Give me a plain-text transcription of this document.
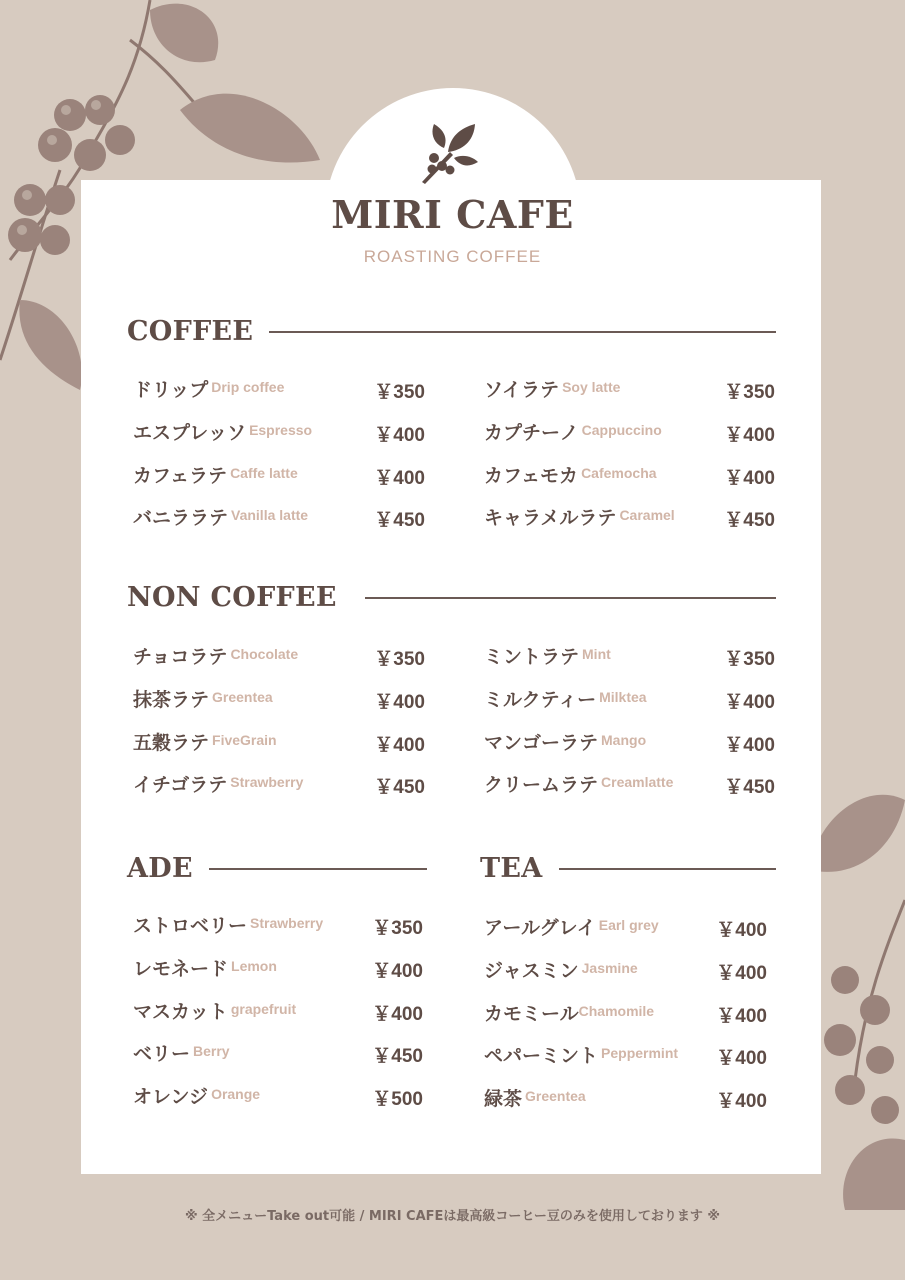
MIRI CAFE
ROASTING COFFEE
COFFEE
ドリップ Drip coffee	￥350
エスプレッソ Espresso	￥400
カフェラテ Caffe latte	￥400
バニララテ Vanilla latte	￥450
ソイラテ Soy latte	￥350
カプチーノ Cappuccino	￥400
カフェモカ Cafemocha	￥400
キャラメルラテ Caramel	￥450
NON COFFEE
チョコラテ Chocolate	￥350
抹茶ラテ Greentea	￥400
五穀ラテ FiveGrain	￥400
イチゴラテ Strawberry	￥450
ミントラテ Mint	￥350
ミルクティー Milktea	￥400
マンゴーラテ Mango	￥400
クリームラテ Creamlatte	￥450
ADE
ストロベリー Strawberry	￥350
レモネード Lemon	￥400
マスカット grapefruit	￥400
ベリー Berry	￥450
オレンジ Orange	￥500
TEA
アールグレイ Earl grey	￥400
ジャスミン Jasmine	￥400
カモミール Chamomile	￥400
ペパーミント Peppermint ￥400
緑茶 Greentea	￥400
※ 全メニューTake out可能 / MIRI CAFEは最高級コーヒー豆のみを使用しております ※
